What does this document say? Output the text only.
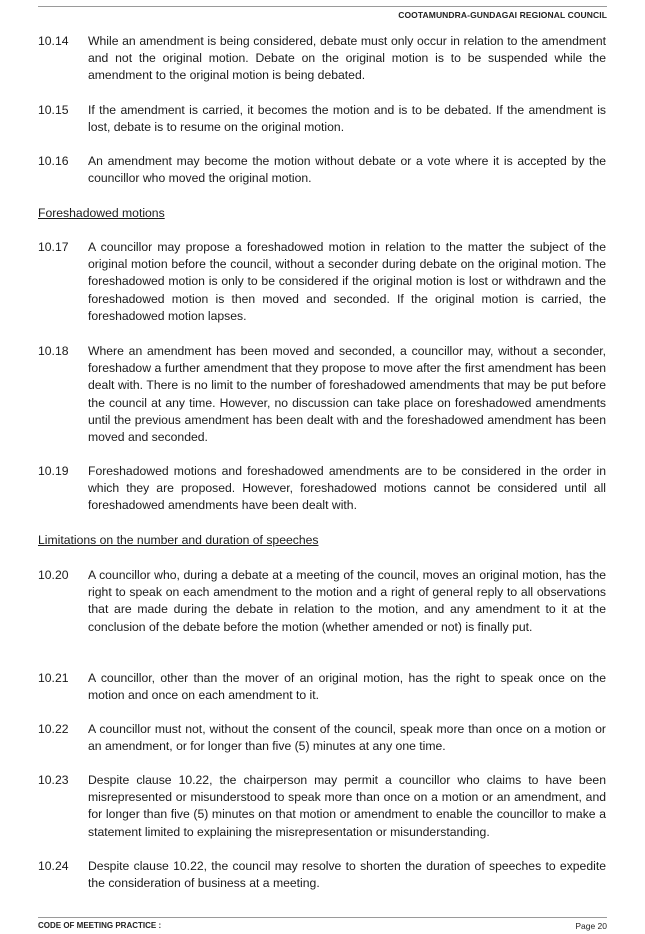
COOTAMUNDRA-GUNDAGAI REGIONAL COUNCIL
10.14	While an amendment is being considered, debate must only occur in relation to the amendment and not the original motion. Debate on the original motion is to be suspended while the amendment to the original motion is being debated.
10.15	If the amendment is carried, it becomes the motion and is to be debated. If the amendment is lost, debate is to resume on the original motion.
10.16	An amendment may become the motion without debate or a vote where it is accepted by the councillor who moved the original motion.
Foreshadowed motions
10.17	A councillor may propose a foreshadowed motion in relation to the matter the subject of the original motion before the council, without a seconder during debate on the original motion. The foreshadowed motion is only to be considered if the original motion is lost or withdrawn and the foreshadowed motion is then moved and seconded. If the original motion is carried, the foreshadowed motion lapses.
10.18	Where an amendment has been moved and seconded, a councillor may, without a seconder, foreshadow a further amendment that they propose to move after the first amendment has been dealt with. There is no limit to the number of foreshadowed amendments that may be put before the council at any time. However, no discussion can take place on foreshadowed amendments until the previous amendment has been dealt with and the foreshadowed amendment has been moved and seconded.
10.19	Foreshadowed motions and foreshadowed amendments are to be considered in the order in which they are proposed. However, foreshadowed motions cannot be considered until all foreshadowed amendments have been dealt with.
Limitations on the number and duration of speeches
10.20	A councillor who, during a debate at a meeting of the council, moves an original motion, has the right to speak on each amendment to the motion and a right of general reply to all observations that are made during the debate in relation to the motion, and any amendment to it at the conclusion of the debate before the motion (whether amended or not) is finally put.
10.21	A councillor, other than the mover of an original motion, has the right to speak once on the motion and once on each amendment to it.
10.22	A councillor must not, without the consent of the council, speak more than once on a motion or an amendment, or for longer than five (5) minutes at any one time.
10.23	Despite clause 10.22, the chairperson may permit a councillor who claims to have been misrepresented or misunderstood to speak more than once on a motion or an amendment, and for longer than five (5) minutes on that motion or amendment to enable the councillor to make a statement limited to explaining the misrepresentation or misunderstanding.
10.24	Despite clause 10.22, the council may resolve to shorten the duration of speeches to expedite the consideration of business at a meeting.
CODE OF MEETING PRACTICE :	Page 20
